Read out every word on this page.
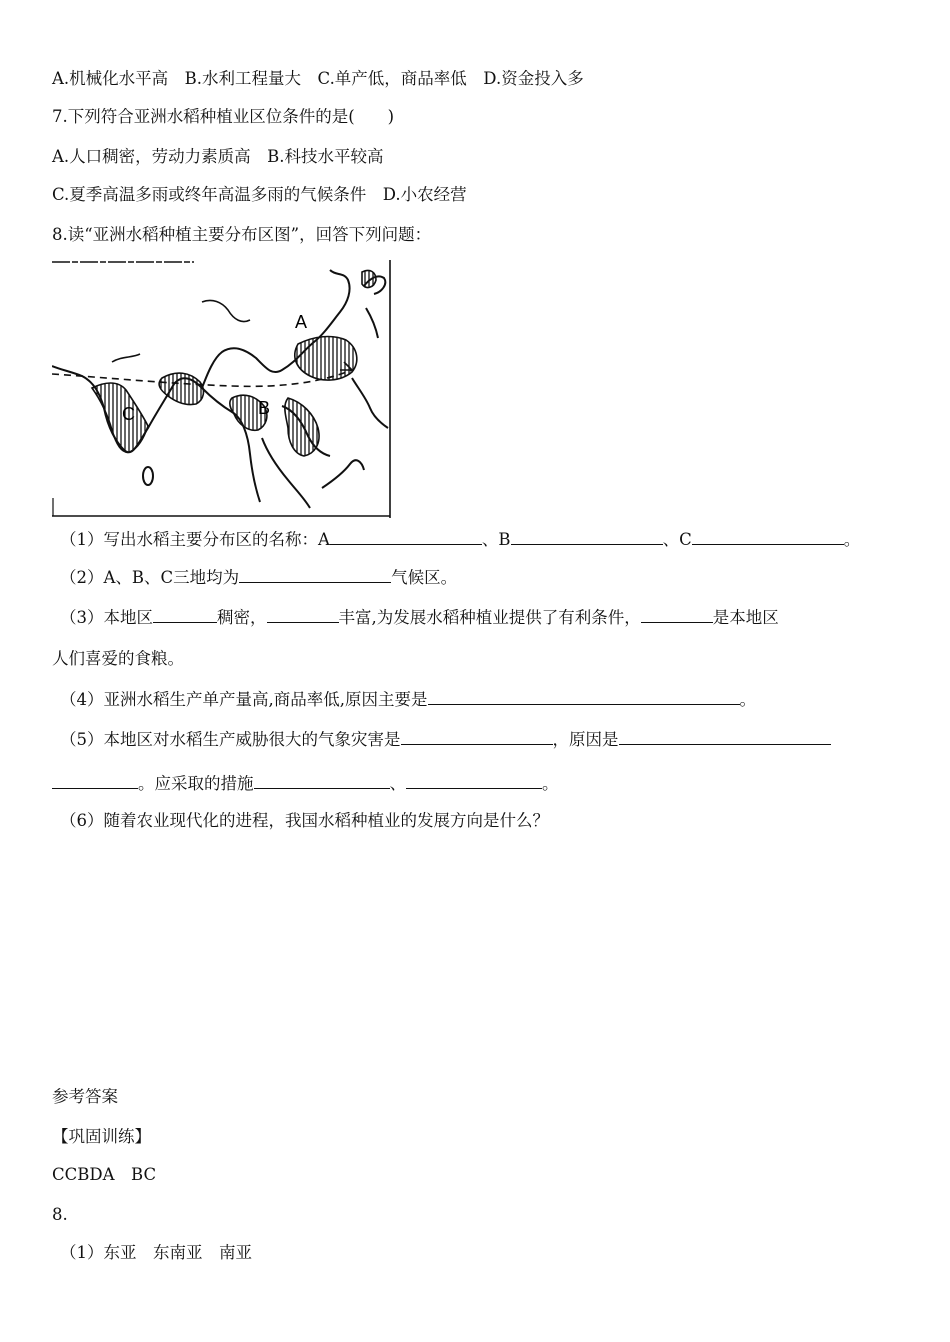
A.机械化水平高　B.水利工程量大　C.单产低，商品率低　D.资金投入多
7.下列符合亚洲水稻种植业区位条件的是(　　)
A.人口稠密，劳动力素质高　B.科技水平较高
C.夏季高温多雨或终年高温多雨的气候条件　D.小农经营
8.读“亚洲水稻种植主要分布区图”，回答下列问题：
A
B
C
（1）写出水稻主要分布区的名称：A	、B	、C	。
（2）A、B、C三地均为	气候区。
（3）本地区	稠密，	丰富,为发展水稻种植业提供了有利条件，	是本地区
人们喜爱的食粮。
（4）亚洲水稻生产单产量高,商品率低,原因主要是	。
（5）本地区对水稻生产威胁很大的气象灾害是	，原因是
。应采取的措施	、	。
（6）随着农业现代化的进程，我国水稻种植业的发展方向是什么？
参考答案
【巩固训练】
CCBDA　BC
8.
（1）东亚　东南亚　南亚
